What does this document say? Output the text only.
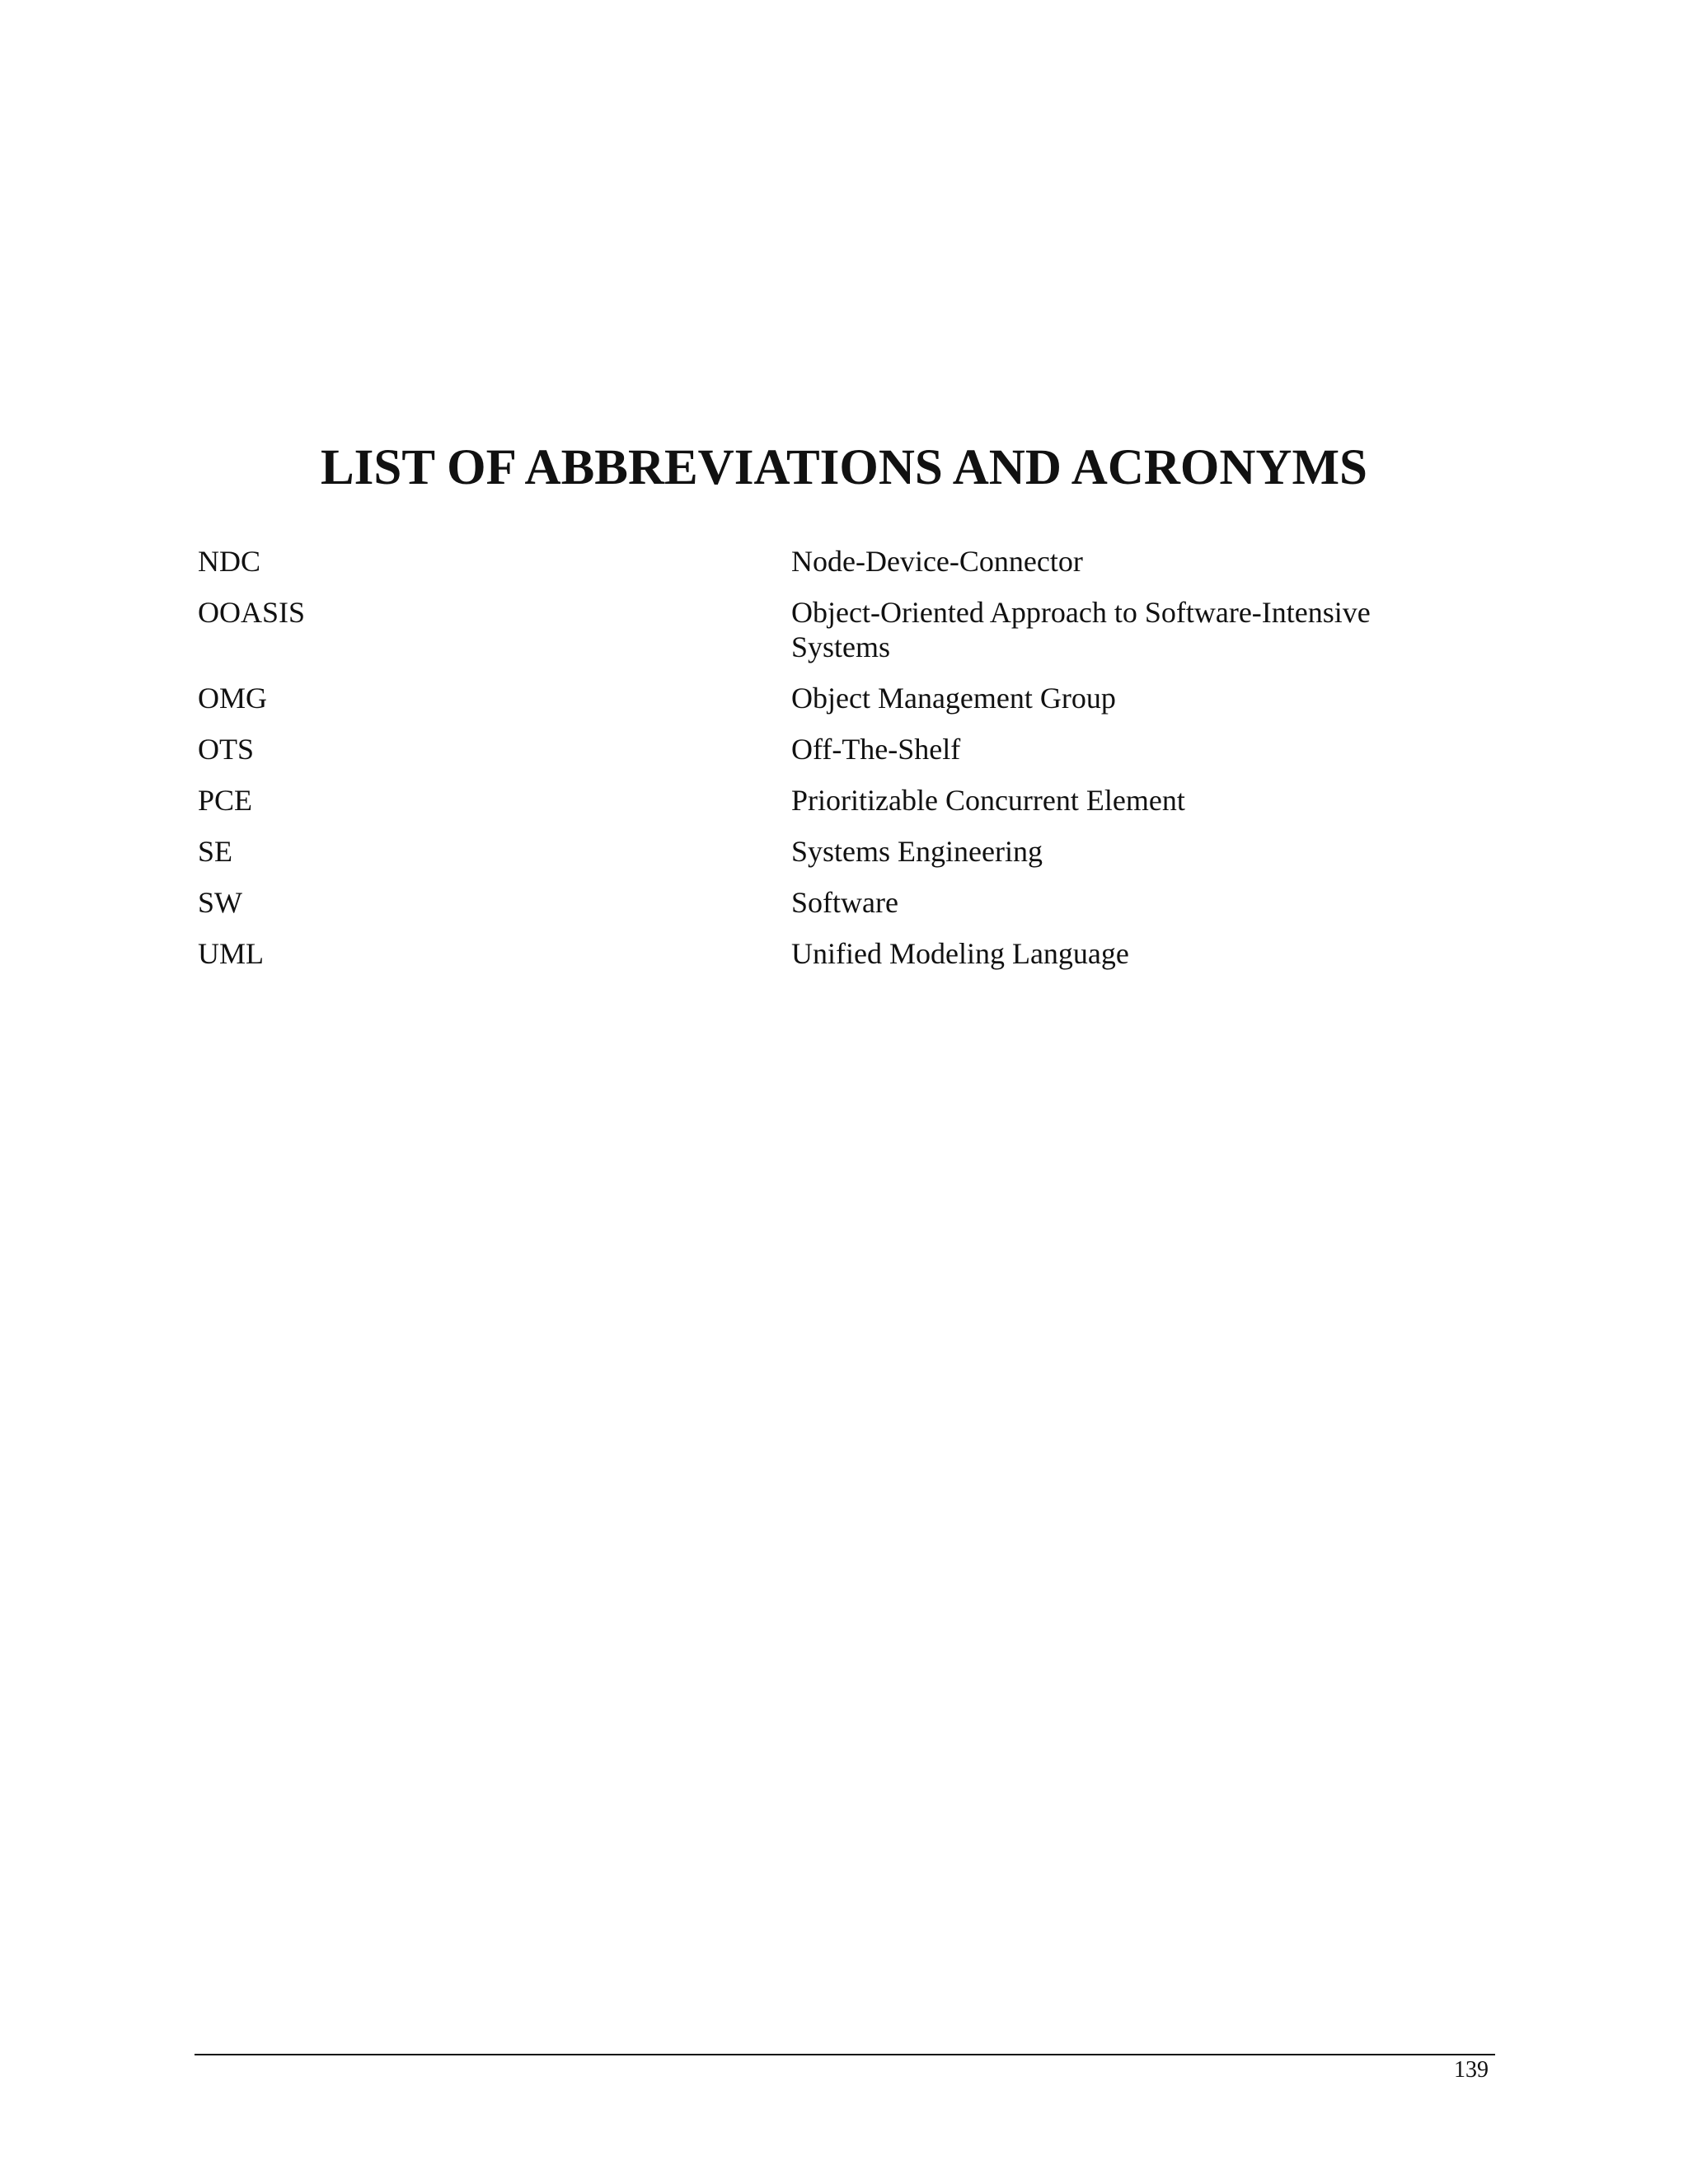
LIST OF ABBREVIATIONS AND ACRONYMS
NDC	Node-Device-Connector
OOASIS	Object-Oriented Approach to Software-Intensive Systems
OMG	Object Management Group
OTS	Off-The-Shelf
PCE	Prioritizable Concurrent Element
SE	Systems Engineering
SW	Software
UML	Unified Modeling Language
139
